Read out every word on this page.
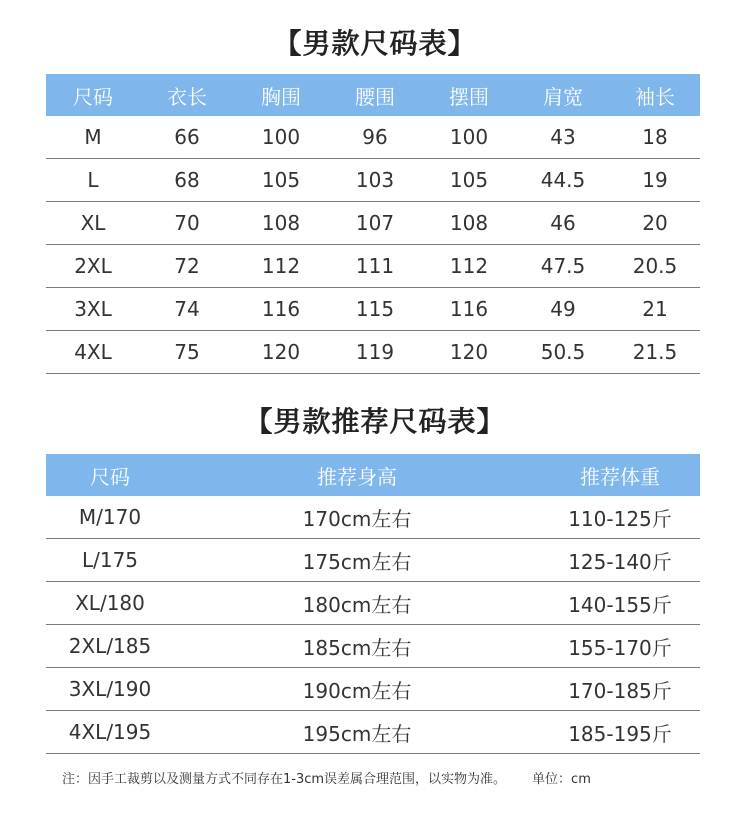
【男款尺码表】
尺码	衣长	胸围	腰围	摆围	肩宽	袖长
M	66	100	96	100	43	18
L	68	105	103	105	44.5	19
XL	70	108	107	108	46	20
2XL	72	112	111	112	47.5	20.5
3XL	74	116	115	116	49	21
4XL	75	120	119	120	50.5	21.5
【男款推荐尺码表】
尺码	推荐身高	推荐体重
M/170	170cm左右	110-125斤
L/175	175cm左右	125-140斤
XL/180	180cm左右	140-155斤
2XL/185	185cm左右	155-170斤
3XL/190	190cm左右	170-185斤
4XL/195	195cm左右	185-195斤
注：因手工裁剪以及测量方式不同存在1-3cm误差属合理范围，以实物为准。 单位：cm
